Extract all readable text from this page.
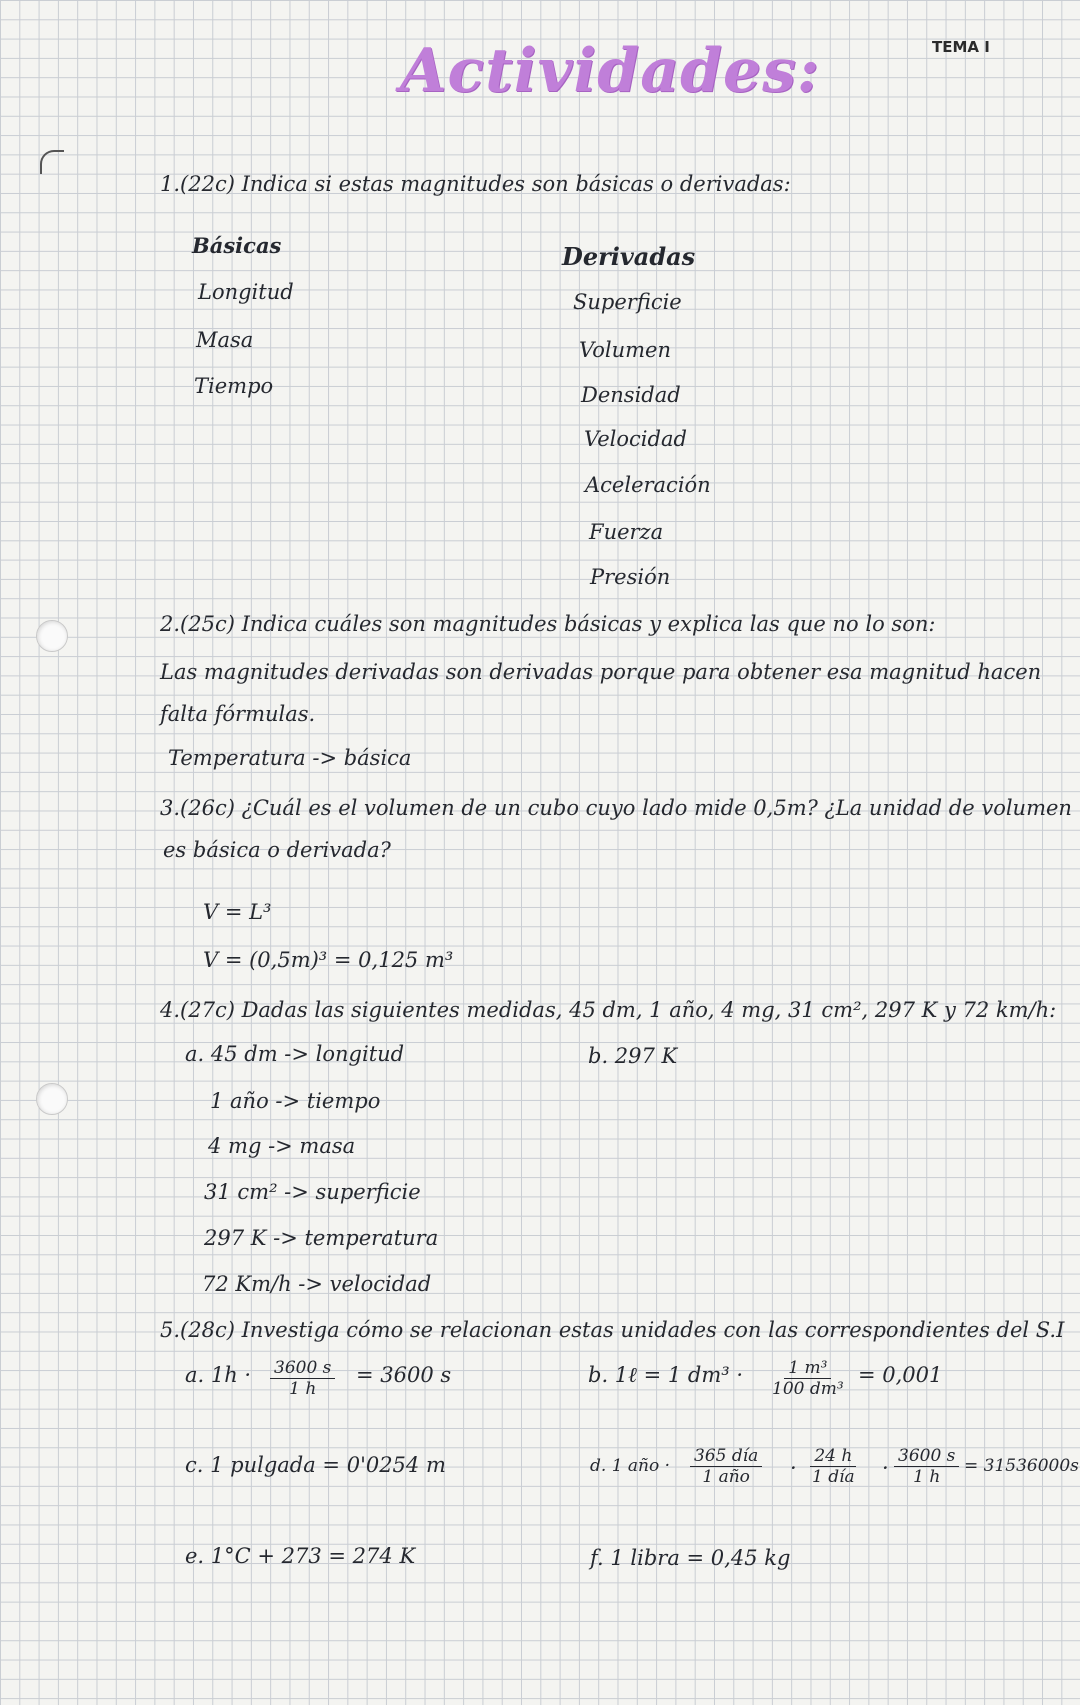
Actividades:	TEMA I
1.(22c) Indica si estas magnitudes son básicas o derivadas:
Básicas
Longitud
Masa
Tiempo
Derivadas
Superficie
Volumen
Densidad
Velocidad
Aceleración
Fuerza
Presión
2.(25c) Indica cuáles son magnitudes básicas y explica las que no lo son:
Las magnitudes derivadas son derivadas porque para obtener esa magnitud hacen
falta fórmulas.
Temperatura -> básica
3.(26c) ¿Cuál es el volumen de un cubo cuyo lado mide 0,5m? ¿La unidad de volumen
es básica o derivada?
V = L³
V = (0,5m)³ = 0,125 m³
4.(27c) Dadas las siguientes medidas, 45 dm, 1 año, 4 mg, 31 cm², 297 K y 72 km/h:
a. 45 dm -> longitud
1 año -> tiempo
4 mg -> masa
31 cm² -> superficie
297 K -> temperatura
72 Km/h -> velocidad
b. 297 K
5.(28c) Investiga cómo se relacionan estas unidades con las correspondientes del S.I
a. $1h \cdot \frac{3600 s}{1 h} = 3600$ s	b. 1ℓ = 1 $dm^3 \cdot \frac{\text{1 m³}}{\text{100 dm³}} = 0,001$
c. 1 pulgada = 0'0254 m	d. 1 año · 365 día
1 año · 24 h
1 día · $\frac{3600 s}{1 h} = 31536000s$
e. 1°C + 273 = 274 K	f. 1 libra = 0,45 kg
